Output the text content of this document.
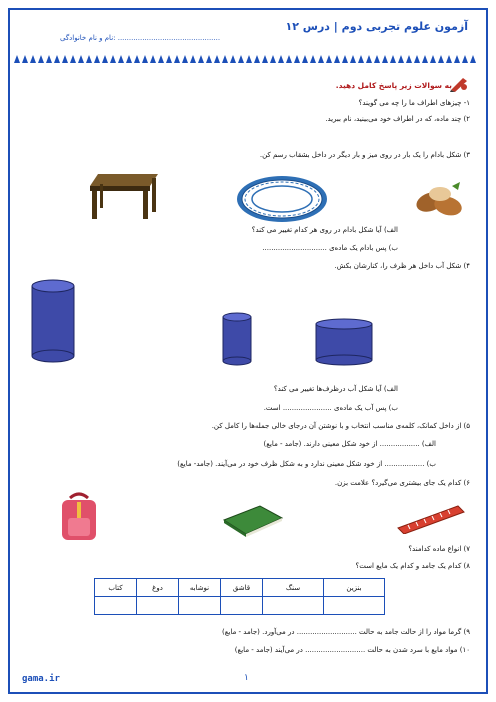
آزمون علوم تجربی دوم | درس ۱۲
نام و نام خانوادگی: ..............................................
به سوالات زیر پاسخ کامل دهید.
۱- چیزهای اطراف ما را چه می گویند؟
۲) چند ماده، که در اطراف خود می‌بینید، نام ببرید.
۳) شکل بادام را یک بار در روی میز و بار دیگر در داخل بشقاب رسم کن.
الف) آیا شکل بادام در روی هر کدام تغییر می کند؟
ب) پس بادام یک ماده‌ی .............................
۴) شکل آب داخل هر ظرف را، کنارشان بکش.
الف) آیا شکل آب درظرف‌ها تغییر می کند؟
ب) پس آب یک ماده‌ی ...................... است.
۵) از داخل کمانک، کلمه‌ی مناسب انتخاب و با نوشتن آن درجای خالی جمله‌ها را کامل کن.
الف) .................. از خود شکل معینی دارند. (جامد - مایع)
ب) .................. از خود شکل معینی ندارد و به شکل ظرف خود در می‌آیند. (جامد- مایع)
۶) کدام یک جای بیشتری می‌گیرد؟ علامت بزن.
۷) انواع ماده کدامند؟
۸) کدام یک جامد و کدام یک مایع است؟
۹) گرما مواد را از حالت جامد به حالت ........................... در می‌آورد. (جامد - مایع)
۱۰) مواد مایع با سرد شدن به حالت ........................... در می‌آیند (جامد - مایع)
بنزین	سنگ	قاشق	نوشابه	دوغ	کتاب

gama.ir	۱
